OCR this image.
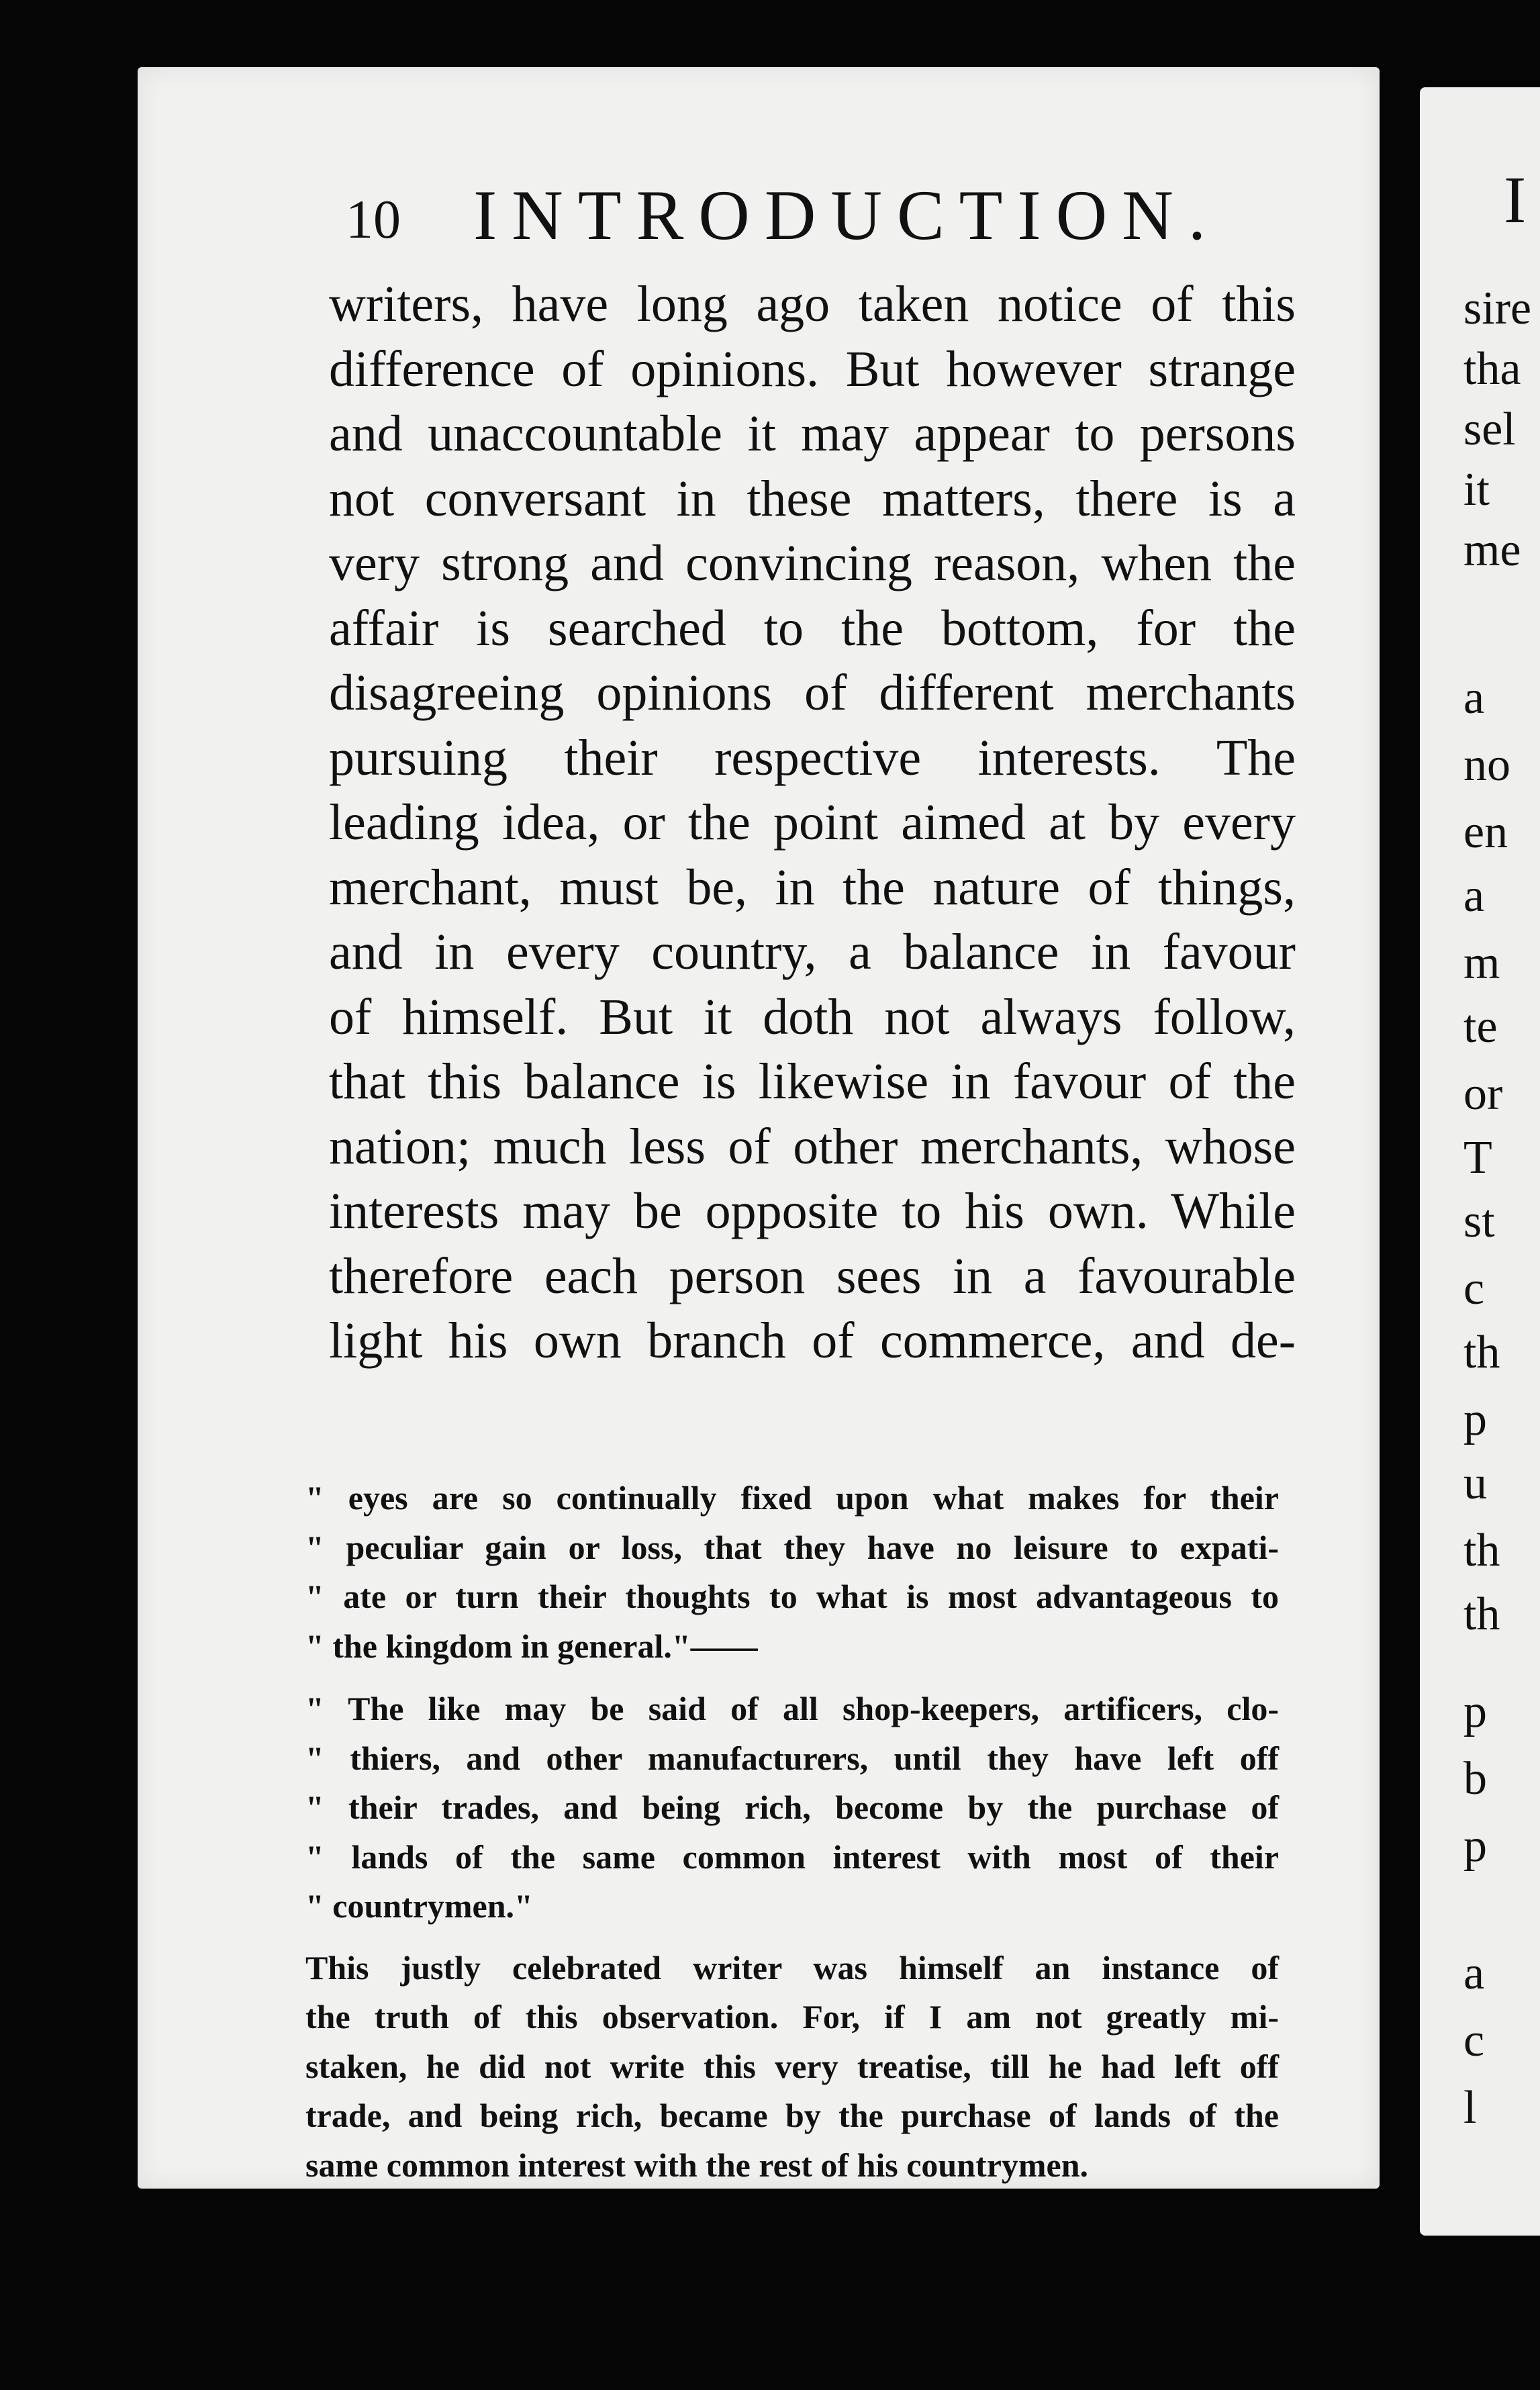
10 INTRODUCTION.
writers, have long ago taken notice of this
difference of opinions. But however strange
and unaccountable it may appear to persons
not conversant in these matters, there is a
very strong and convincing reason, when the
affair is searched to the bottom, for the
disagreeing opinions of different merchants
pursuing their respective interests. The
leading idea, or the point aimed at by every
merchant, must be, in the nature of things,
and in every country, a balance in favour
of himself. But it doth not always follow,
that this balance is likewise in favour of the
nation; much less of other merchants, whose
interests may be opposite to his own. While
therefore each person sees in a favourable
light his own branch of commerce, and de-
" eyes are so continually fixed upon what makes for their
" peculiar gain or loss, that they have no leisure to expati-
" ate or turn their thoughts to what is most advantageous to
" the kingdom in general."——
" The like may be said of all shop-keepers, artificers, clo-
" thiers, and other manufacturers, until they have left off
" their trades, and being rich, become by the purchase of
" lands of the same common interest with most of their
" countrymen."
This justly celebrated writer was himself an instance of
the truth of this observation. For, if I am not greatly mi-
staken, he did not write this very treatise, till he had left off
trade, and being rich, became by the purchase of lands of the
same common interest with the rest of his countrymen.
I
sire
tha
sel
it
me
a
no
en
a
m
te
or
T
st
c
th
p
u
th
th
p
b
p
a
c
l
